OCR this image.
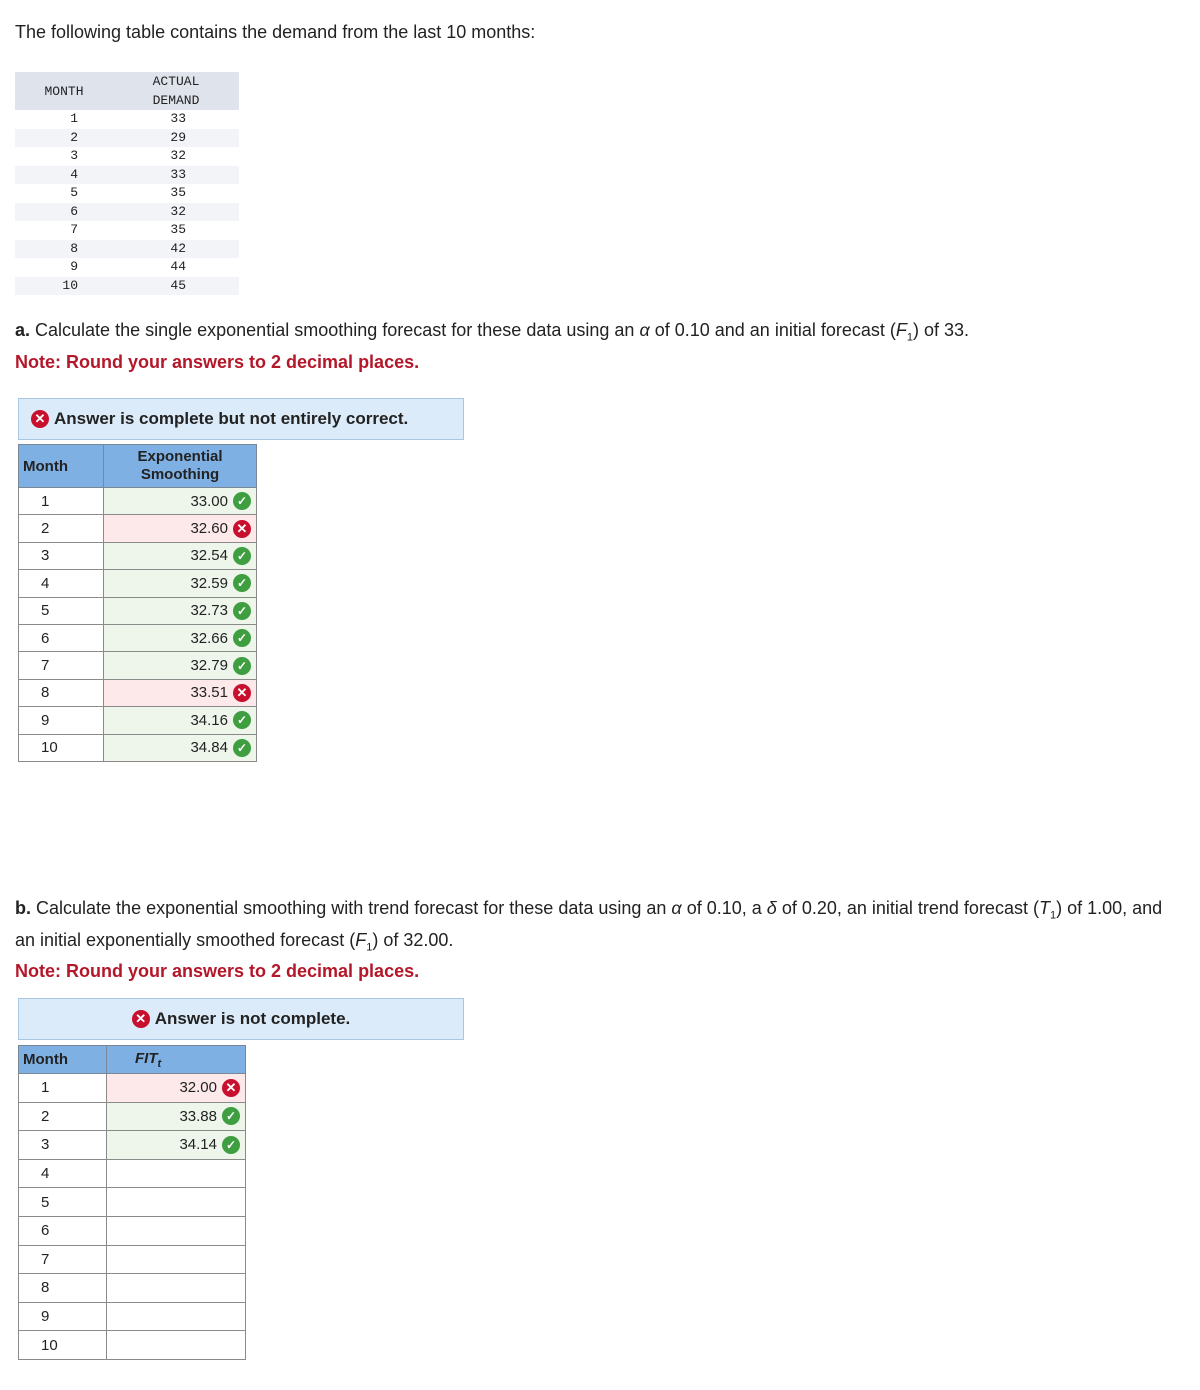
The following table contains the demand from the last 10 months:
MONTH	ACTUAL
DEMAND
1	33
2	29
3	32
4	33
5	35
6	32
7	35
8	42
9	44
10	45
a. Calculate the single exponential smoothing forecast for these data using an α of 0.10 and an initial forecast $(F_1)$ of 33.
Note: Round your answers to 2 decimal places.
✕ Answer is complete but not entirely correct.
Month	Exponential
Smoothing
1	33.00 ✓

2	32.60 ✕

3	32.54 ✓

4	32.59 ✓

5	32.73 ✓

6	32.66 ✓

7	32.79 ✓

8	33.51 ✕

9	34.16 ✓

10	34.84 ✓
b. Calculate the exponential smoothing with trend forecast for these data using an α of 0.10, a δ of 0.20, an initial trend forecast $(T_1)$ of 1.00, and an initial exponentially smoothed forecast $(F_1)$ of 32.00.
Note: Round your answers to 2 decimal places.
✕ Answer is not complete.
Month	$FIT_t$
1	32.00 ✕

2	33.88 ✓

3	34.14 ✓

4	

5	

6	

7	

8	

9	

10	
